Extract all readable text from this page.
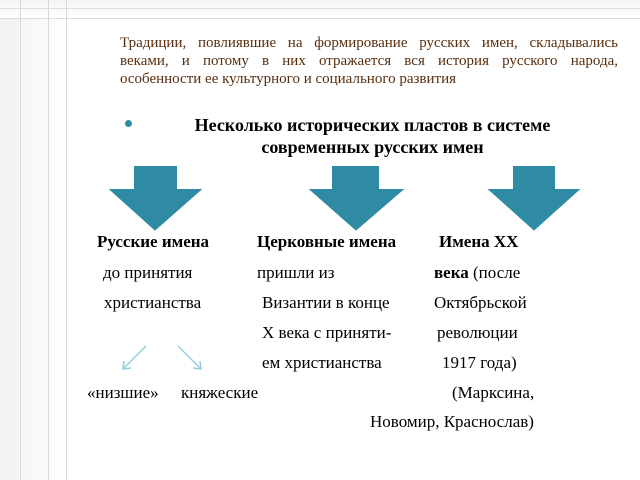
Традиции, повлиявшие на формирование русских имен, складывались веками, и потому в них отражается вся история русского народа, особенности ее культурного и социального развития
Несколько исторических пластов в системе современных русских имен
Русские имена
до принятия
христианства
«низшие» княжеские
Церковные имена
пришли из
Византии в конце
Х века с приняти-
ем христианства
Имена ХХ
века (после
Октябрьской
революции
1917 года)
(Марксина,
Новомир, Краснослав)
